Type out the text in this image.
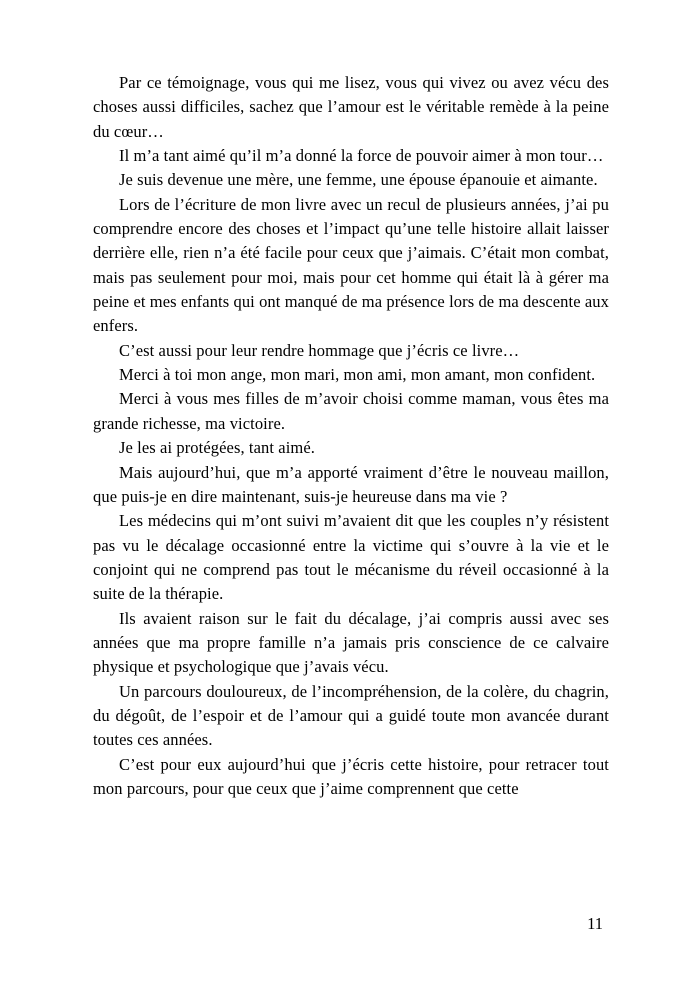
Par ce témoignage, vous qui me lisez, vous qui vivez ou avez vécu des choses aussi difficiles, sachez que l’amour est le véritable remède à la peine du cœur…

Il m’a tant aimé qu’il m’a donné la force de pouvoir aimer à mon tour…

Je suis devenue une mère, une femme, une épouse épanouie et aimante.

Lors de l’écriture de mon livre avec un recul de plusieurs années, j’ai pu comprendre encore des choses et l’impact qu’une telle histoire allait laisser derrière elle, rien n’a été facile pour ceux que j’aimais. C’était mon combat, mais pas seulement pour moi, mais pour cet homme qui était là à gérer ma peine et mes enfants qui ont manqué de ma présence lors de ma descente aux enfers.

C’est aussi pour leur rendre hommage que j’écris ce livre…

Merci à toi mon ange, mon mari, mon ami, mon amant, mon confident.

Merci à vous mes filles de m’avoir choisi comme maman, vous êtes ma grande richesse, ma victoire.

Je les ai protégées, tant aimé.

Mais aujourd’hui, que m’a apporté vraiment d’être le nouveau maillon, que puis-je en dire maintenant, suis-je heureuse dans ma vie ?

Les médecins qui m’ont suivi m’avaient dit que les couples n’y résistent pas vu le décalage occasionné entre la victime qui s’ouvre à la vie et le conjoint qui ne comprend pas tout le mécanisme du réveil occasionné à la suite de la thérapie.

Ils avaient raison sur le fait du décalage, j’ai compris aussi avec ses années que ma propre famille n’a jamais pris conscience de ce calvaire physique et psychologique que j’avais vécu.

Un parcours douloureux, de l’incompréhension, de la colère, du chagrin, du dégoût, de l’espoir et de l’amour qui a guidé toute mon avancée durant toutes ces années.

C’est pour eux aujourd’hui que j’écris cette histoire, pour retracer tout mon parcours, pour que ceux que j’aime comprennent que cette

11
